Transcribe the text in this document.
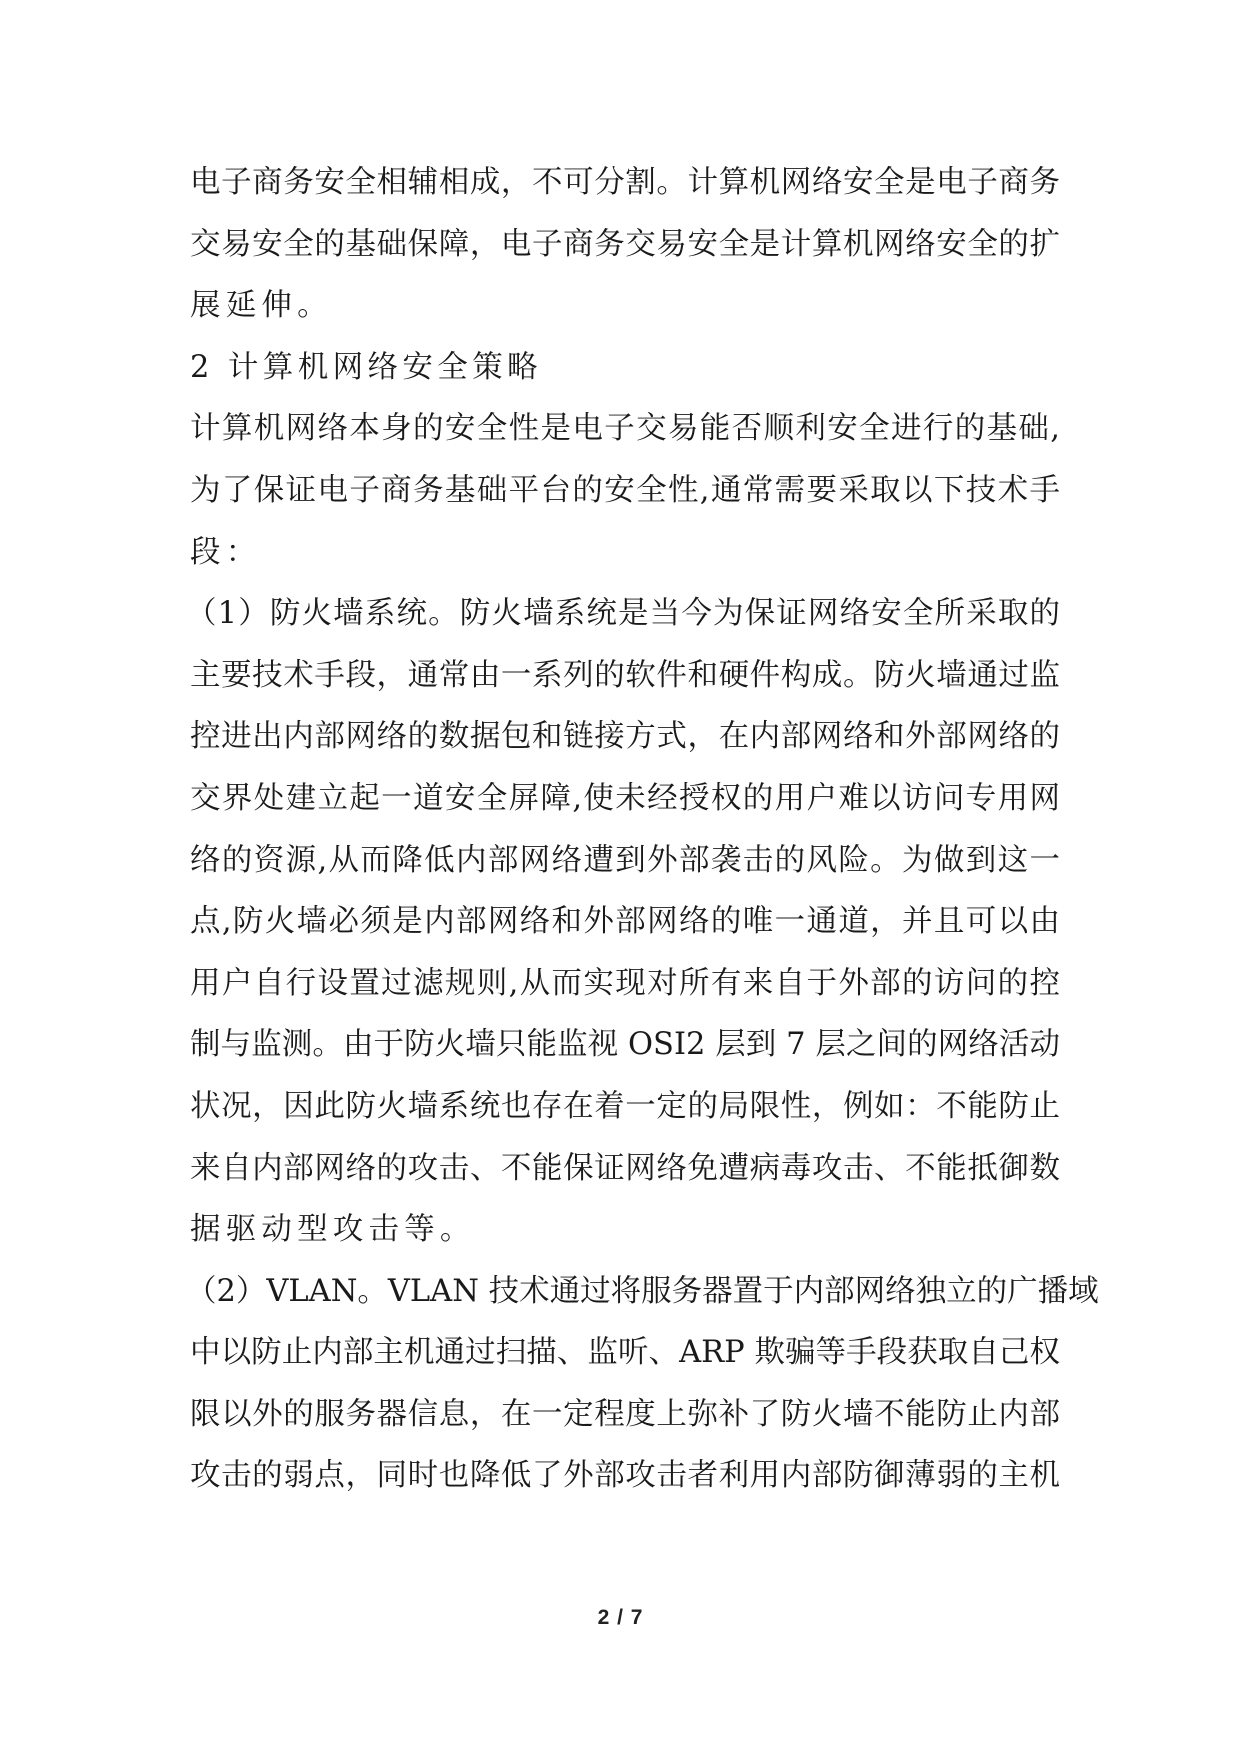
电子商务安全相辅相成，不可分割。计算机网络安全是电子商务
交易安全的基础保障，电子商务交易安全是计算机网络安全的扩
展延伸。
2 计算机网络安全策略
计算机网络本身的安全性是电子交易能否顺利安全进行的基础,
为了保证电子商务基础平台的安全性,通常需要采取以下技术手
段：
（1）防火墙系统。防火墙系统是当今为保证网络安全所采取的
主要技术手段，通常由一系列的软件和硬件构成。防火墙通过监
控进出内部网络的数据包和链接方式，在内部网络和外部网络的
交界处建立起一道安全屏障,使未经授权的用户难以访问专用网
络的资源,从而降低内部网络遭到外部袭击的风险。为做到这一
点,防火墙必须是内部网络和外部网络的唯一通道，并且可以由
用户自行设置过滤规则,从而实现对所有来自于外部的访问的控
制与监测。由于防火墙只能监视 OSI2 层到 7 层之间的网络活动
状况，因此防火墙系统也存在着一定的局限性，例如：不能防止
来自内部网络的攻击、不能保证网络免遭病毒攻击、不能抵御数
据驱动型攻击等。
（2）VLAN。VLAN 技术通过将服务器置于内部网络独立的广播域
中以防止内部主机通过扫描、监听、ARP 欺骗等手段获取自己权
限以外的服务器信息，在一定程度上弥补了防火墙不能防止内部
攻击的弱点，同时也降低了外部攻击者利用内部防御薄弱的主机
2 / 7
